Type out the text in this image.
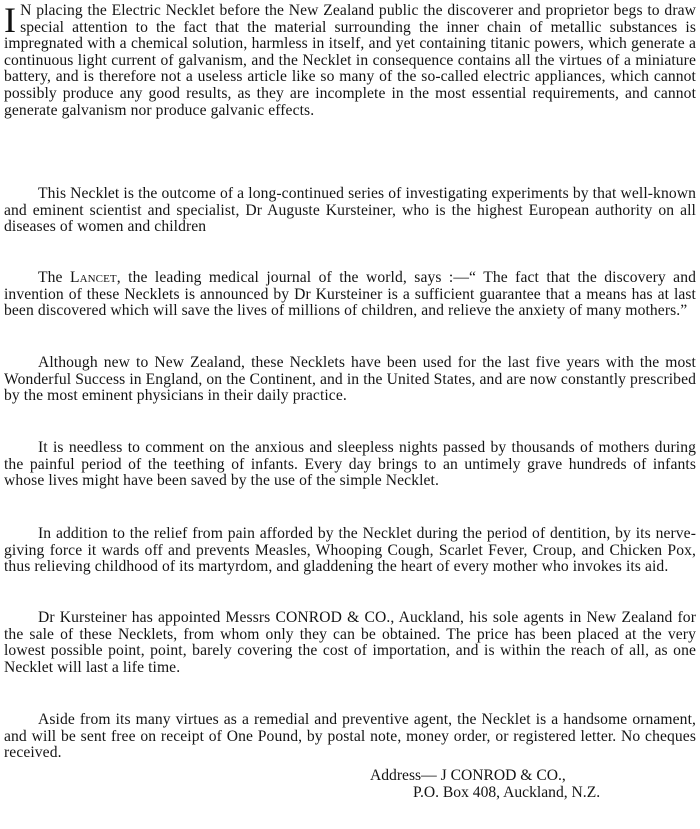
I N placing the Electric Necklet before the New Zealand public the discoverer and proprietor begs to draw special attention to the fact that the material surrounding the inner chain of metallic substances is impregnated with a chemical solution, harmless in itself, and yet containing titanic powers, which generate a continuous light current of galvanism, and the Necklet in consequence contains all the virtues of a miniature battery, and is therefore not a useless article like so many of the so-called electric appliances, which cannot possibly produce any good results, as they are incomplete in the most essential requirements, and cannot generate galvanism nor produce galvanic effects.

This Necklet is the outcome of a long-continued series of investigating experiments by that well-known and eminent scientist and specialist, Dr Auguste Kursteiner, who is the highest European authority on all diseases of women and children

The Lancet, the leading medical journal of the world, says :—“ The fact that the discovery and invention of these Necklets is announced by Dr Kursteiner is a sufficient guarantee that a means has at last been discovered which will save the lives of millions of children, and relieve the anxiety of many mothers.”

Although new to New Zealand, these Necklets have been used for the last five years with the most Wonderful Success in England, on the Continent, and in the United States, and are now constantly prescribed by the most eminent physicians in their daily practice.

It is needless to comment on the anxious and sleepless nights passed by thousands of mothers during the painful period of the teething of infants. Every day brings to an untimely grave hundreds of infants whose lives might have been saved by the use of the simple Necklet.

In addition to the relief from pain afforded by the Necklet during the period of dentition, by its nerve-giving force it wards off and prevents Measles, Whooping Cough, Scarlet Fever, Croup, and Chicken Pox, thus relieving childhood of its martyrdom, and gladdening the heart of every mother who invokes its aid.

Dr Kursteiner has appointed Messrs CONROD & CO., Auckland, his sole agents in New Zealand for the sale of these Necklets, from whom only they can be obtained. The price has been placed at the very lowest possible point, point, barely covering the cost of importation, and is within the reach of all, as one Necklet will last a life time.

Aside from its many virtues as a remedial and preventive agent, the Necklet is a handsome ornament, and will be sent free on receipt of One Pound, by postal note, money order, or registered letter. No cheques received.

Address— J CONROD & CO.,
P.O. Box 408, Auckland, N.Z.
